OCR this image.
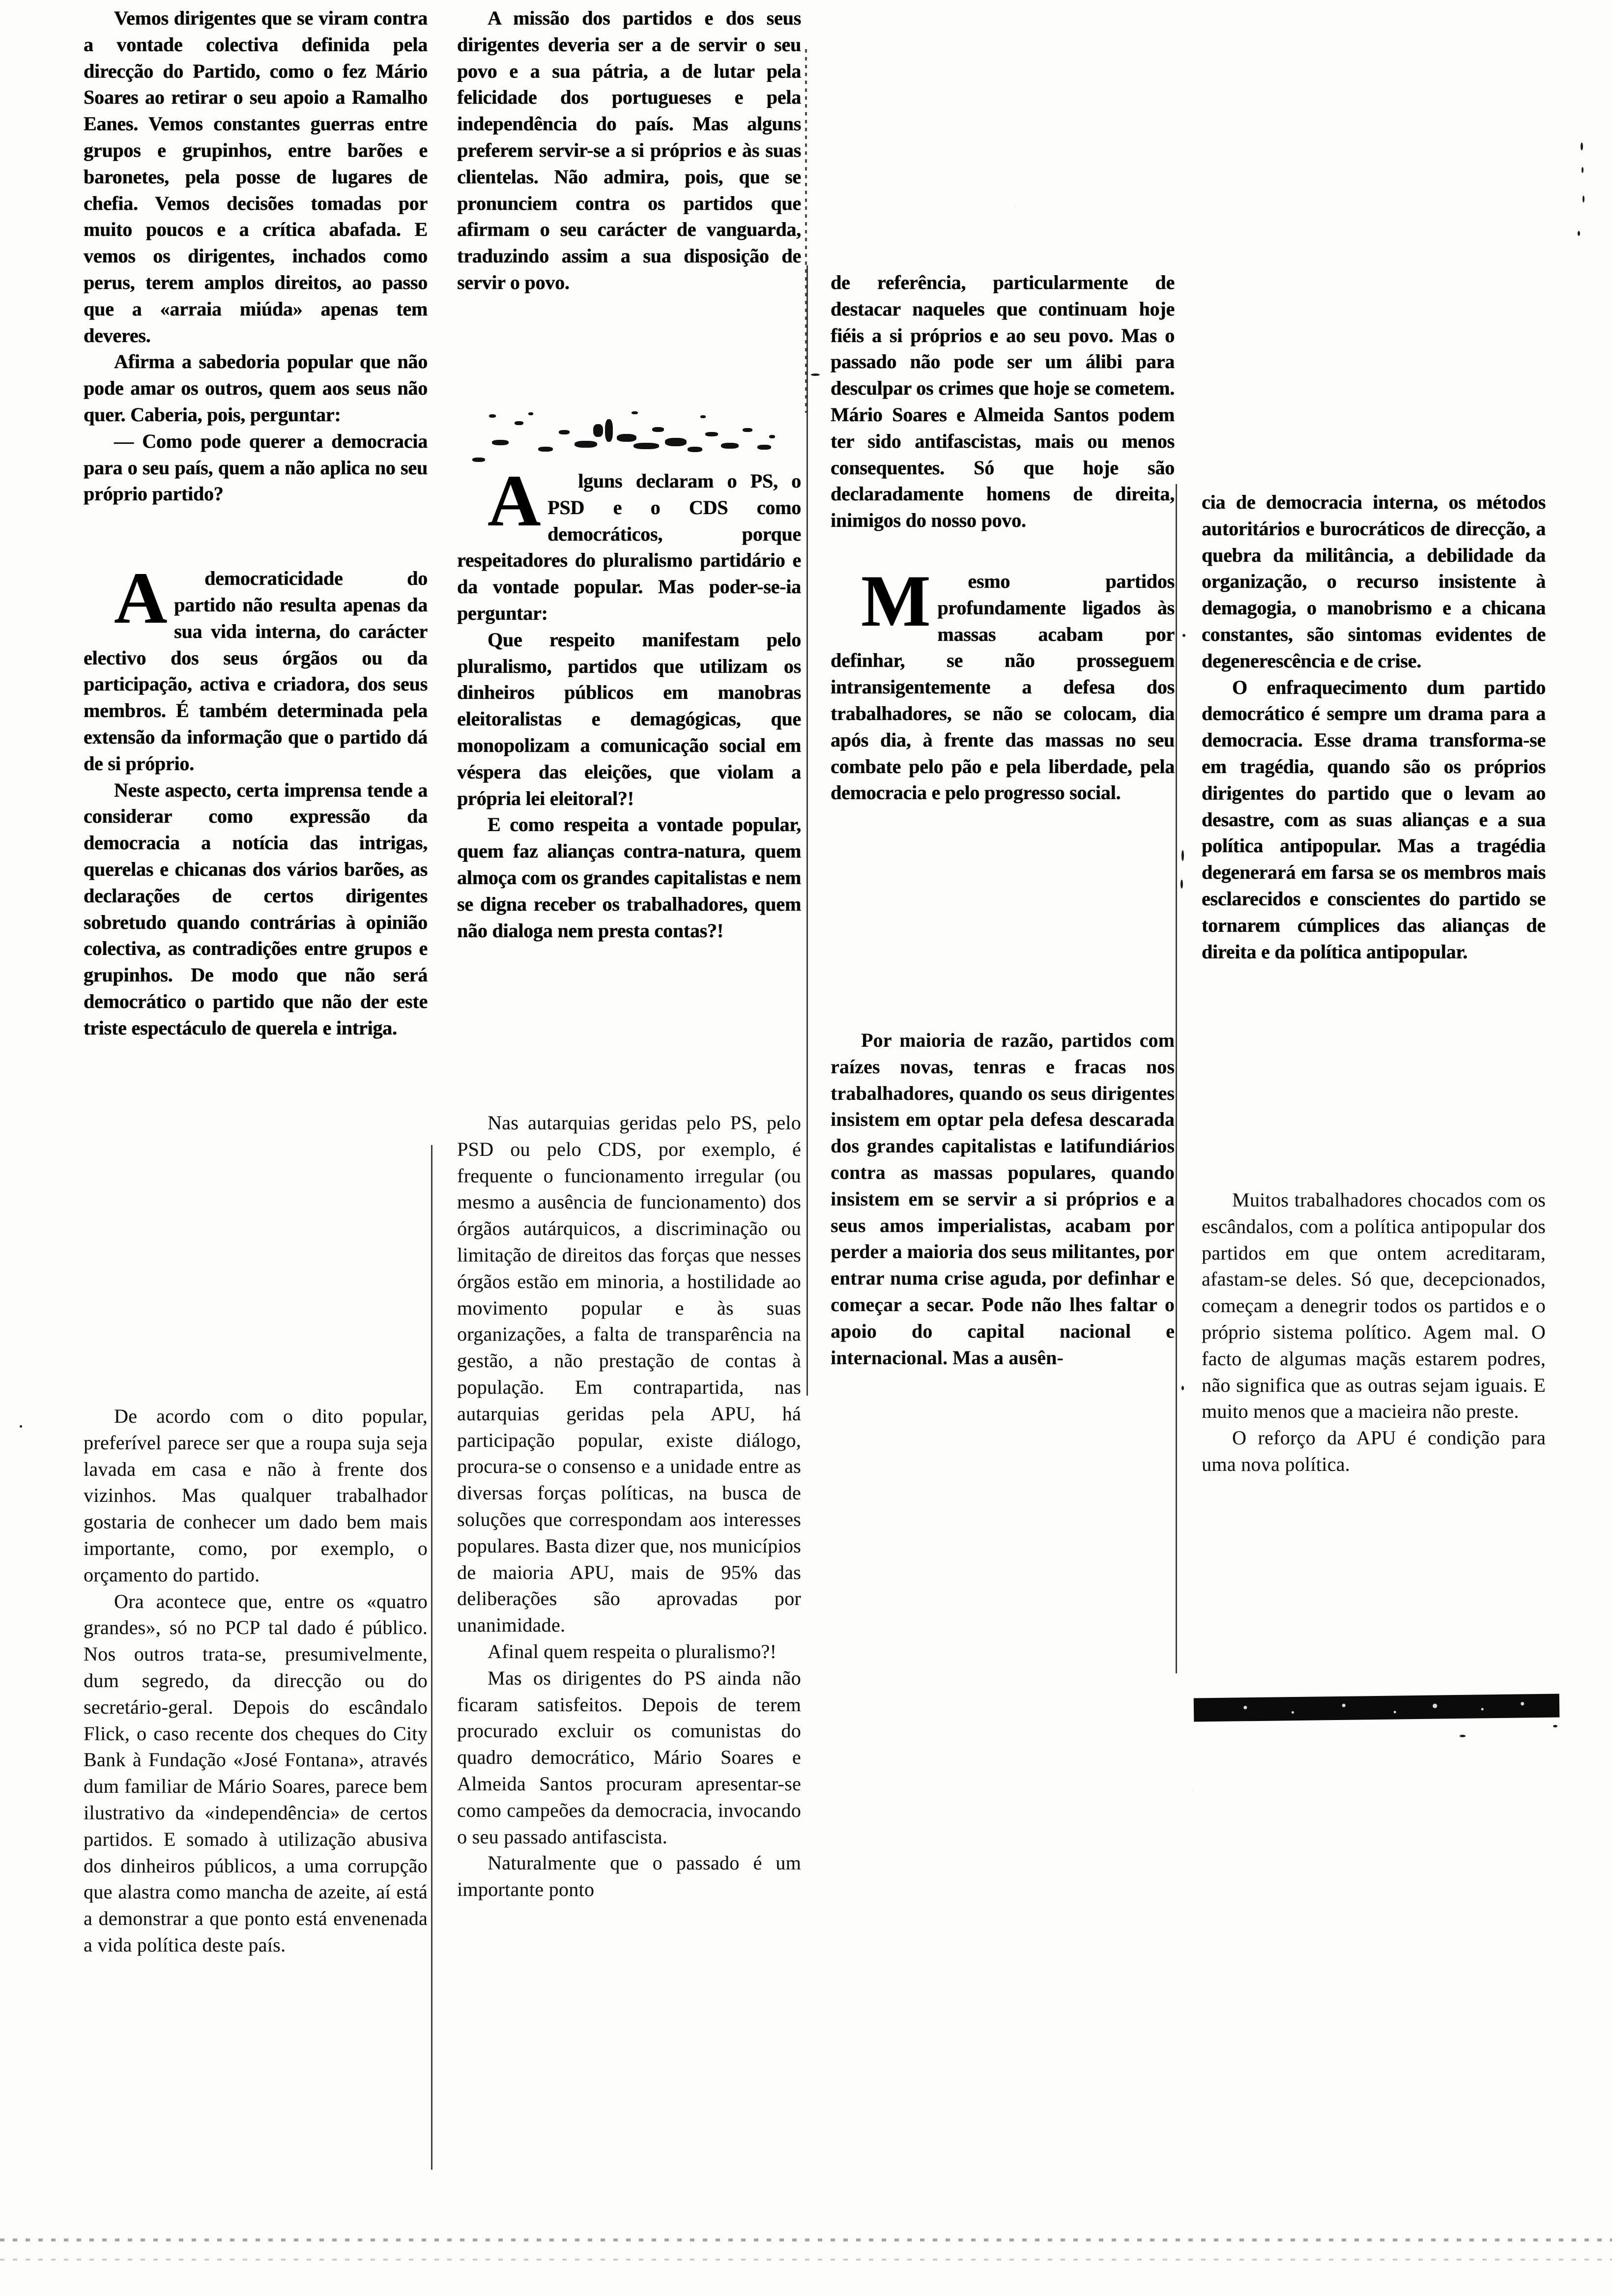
Vemos dirigentes que se viram contra a vontade colectiva definida pela direcção do Partido, como o fez Mário Soares ao retirar o seu apoio a Ramalho Eanes. Vemos constantes guerras entre grupos e grupinhos, entre barões e baronetes, pela posse de lugares de chefia. Vemos decisões tomadas por muito poucos e a crítica abafada. E vemos os dirigentes, inchados como perus, terem amplos direitos, ao passo que a «arraia miúda» apenas tem deveres.

Afirma a sabedoria popular que não pode amar os outros, quem aos seus não quer. Caberia, pois, perguntar:

— Como pode querer a democracia para o seu país, quem a não aplica no seu próprio partido?

A democraticidade do partido não resulta apenas da sua vida interna, do carácter electivo dos seus órgãos ou da participação, activa e criadora, dos seus membros. É também determinada pela extensão da informação que o partido dá de si próprio.

Neste aspecto, certa imprensa tende a considerar como expressão da democracia a notícia das intrigas, querelas e chicanas dos vários barões, as declarações de certos dirigentes sobretudo quando contrárias à opinião colectiva, as contradições entre grupos e grupinhos. De modo que não será democrático o partido que não der este triste espectáculo de querela e intriga.

De acordo com o dito popular, preferível parece ser que a roupa suja seja lavada em casa e não à frente dos vizinhos. Mas qualquer trabalhador gostaria de conhecer um dado bem mais importante, como, por exemplo, o orçamento do partido.

Ora acontece que, entre os «quatro grandes», só no PCP tal dado é público. Nos outros trata-se, presumivelmente, dum segredo, da direcção ou do secretário-geral. Depois do escândalo Flick, o caso recente dos cheques do City Bank à Fundação «José Fontana», através dum familiar de Mário Soares, parece bem ilustrativo da «independência» de certos partidos. E somado à utilização abusiva dos dinheiros públicos, a uma corrupção que alastra como mancha de azeite, aí está a demonstrar a que ponto está envenenada a vida política deste país.

A missão dos partidos e dos seus dirigentes deveria ser a de servir o seu povo e a sua pátria, a de lutar pela felicidade dos portugueses e pela independência do país. Mas alguns preferem servir-se a si próprios e às suas clientelas. Não admira, pois, que se pronunciem contra os partidos que afirmam o seu carácter de vanguarda, traduzindo assim a sua disposição de servir o povo.

A lguns declaram o PS, o PSD e o CDS como democráticos, porque respeitadores do pluralismo partidário e da vontade popular. Mas poder-se-ia perguntar:

Que respeito manifestam pelo pluralismo, partidos que utilizam os dinheiros públicos em manobras eleitoralistas e demagógicas, que monopolizam a comunicação social em véspera das eleições, que violam a própria lei eleitoral?!

E como respeita a vontade popular, quem faz alianças contra-natura, quem almoça com os grandes capitalistas e nem se digna receber os trabalhadores, quem não dialoga nem presta contas?!

Nas autarquias geridas pelo PS, pelo PSD ou pelo CDS, por exemplo, é frequente o funcionamento irregular (ou mesmo a ausência de funcionamento) dos órgãos autárquicos, a discriminação ou limitação de direitos das forças que nesses órgãos estão em minoria, a hostilidade ao movimento popular e às suas organizações, a falta de transparência na gestão, a não prestação de contas à população. Em contrapartida, nas autarquias geridas pela APU, há participação popular, existe diálogo, procura-se o consenso e a unidade entre as diversas forças políticas, na busca de soluções que correspondam aos interesses populares. Basta dizer que, nos municípios de maioria APU, mais de 95% das deliberações são aprovadas por unanimidade.

Afinal quem respeita o pluralismo?!

Mas os dirigentes do PS ainda não ficaram satisfeitos. Depois de terem procurado excluir os comunistas do quadro democrático, Mário Soares e Almeida Santos procuram apresentar-se como campeões da democracia, invocando o seu passado antifascista.

Naturalmente que o passado é um importante ponto

de referência, particularmente de destacar naqueles que continuam hoje fiéis a si próprios e ao seu povo. Mas o passado não pode ser um álibi para desculpar os crimes que hoje se cometem. Mário Soares e Almeida Santos podem ter sido antifascistas, mais ou menos consequentes. Só que hoje são declaradamente homens de direita, inimigos do nosso povo.

M esmo partidos profundamente ligados às massas acabam por definhar, se não prosseguem intransigentemente a defesa dos trabalhadores, se não se colocam, dia após dia, à frente das massas no seu combate pelo pão e pela liberdade, pela democracia e pelo progresso social.

Por maioria de razão, partidos com raízes novas, tenras e fracas nos trabalhadores, quando os seus dirigentes insistem em optar pela defesa descarada dos grandes capitalistas e latifundiários contra as massas populares, quando insistem em se servir a si próprios e a seus amos imperialistas, acabam por perder a maioria dos seus militantes, por entrar numa crise aguda, por definhar e começar a secar. Pode não lhes faltar o apoio do capital nacional e internacional. Mas a ausên-

cia de democracia interna, os métodos autoritários e burocráticos de direcção, a quebra da militância, a debilidade da organização, o recurso insistente à demagogia, o manobrismo e a chicana constantes, são sintomas evidentes de degenerescência e de crise.

O enfraquecimento dum partido democrático é sempre um drama para a democracia. Esse drama transforma-se em tragédia, quando são os próprios dirigentes do partido que o levam ao desastre, com as suas alianças e a sua política antipopular. Mas a tragédia degenerará em farsa se os membros mais esclarecidos e conscientes do partido se tornarem cúmplices das alianças de direita e da política antipopular.

Muitos trabalhadores chocados com os escândalos, com a política antipopular dos partidos em que ontem acreditaram, afastam-se deles. Só que, decepcionados, começam a denegrir todos os partidos e o próprio sistema político. Agem mal. O facto de algumas maçãs estarem podres, não significa que as outras sejam iguais. E muito menos que a macieira não preste.

O reforço da APU é condição para uma nova política.
